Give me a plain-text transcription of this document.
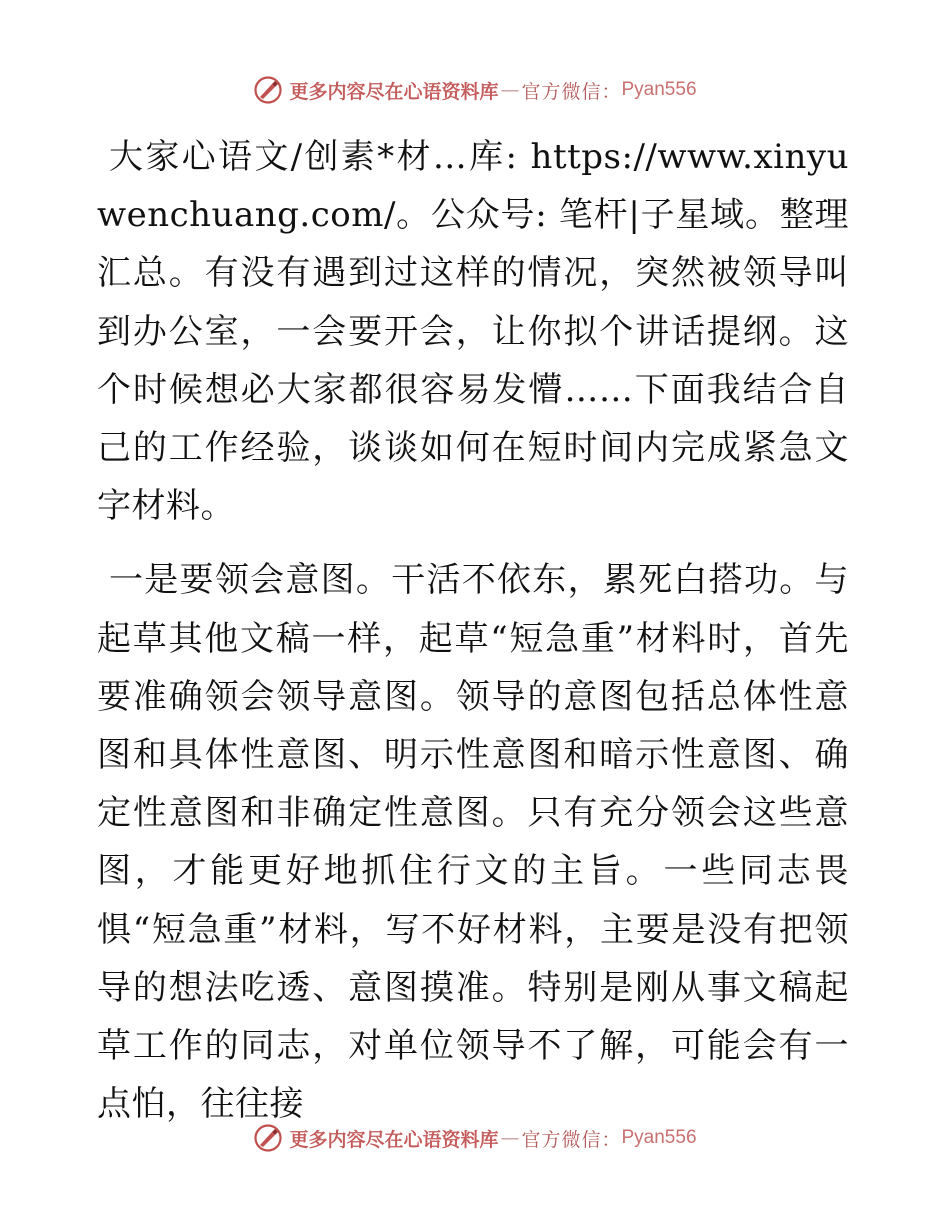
更多内容尽在心语资料库 — 官方微信： Pyan556

大家心语文/创素*材…库: https://www.xinyuwenchuang.com/。公众号: 笔杆|子星域。整理汇总。有没有遇到过这样的情况，突然被领导叫到办公室，一会要开会，让你拟个讲话提纲。这个时候想必大家都很容易发懵……下面我结合自己的工作经验，谈谈如何在短时间内完成紧急文字材料。

一是要领会意图。干活不依东，累死白搭功。与起草其他文稿一样，起草“短急重”材料时，首先要准确领会领导意图。领导的意图包括总体性意图和具体性意图、明示性意图和暗示性意图、确定性意图和非确定性意图。只有充分领会这些意图，才能更好地抓住行文的主旨。一些同志畏惧“短急重”材料，写不好材料，主要是没有把领导的想法吃透、意图摸准。特别是刚从事文稿起草工作的同志，对单位领导不了解，可能会有一点怕，往往接

更多内容尽在心语资料库 — 官方微信： Pyan556
